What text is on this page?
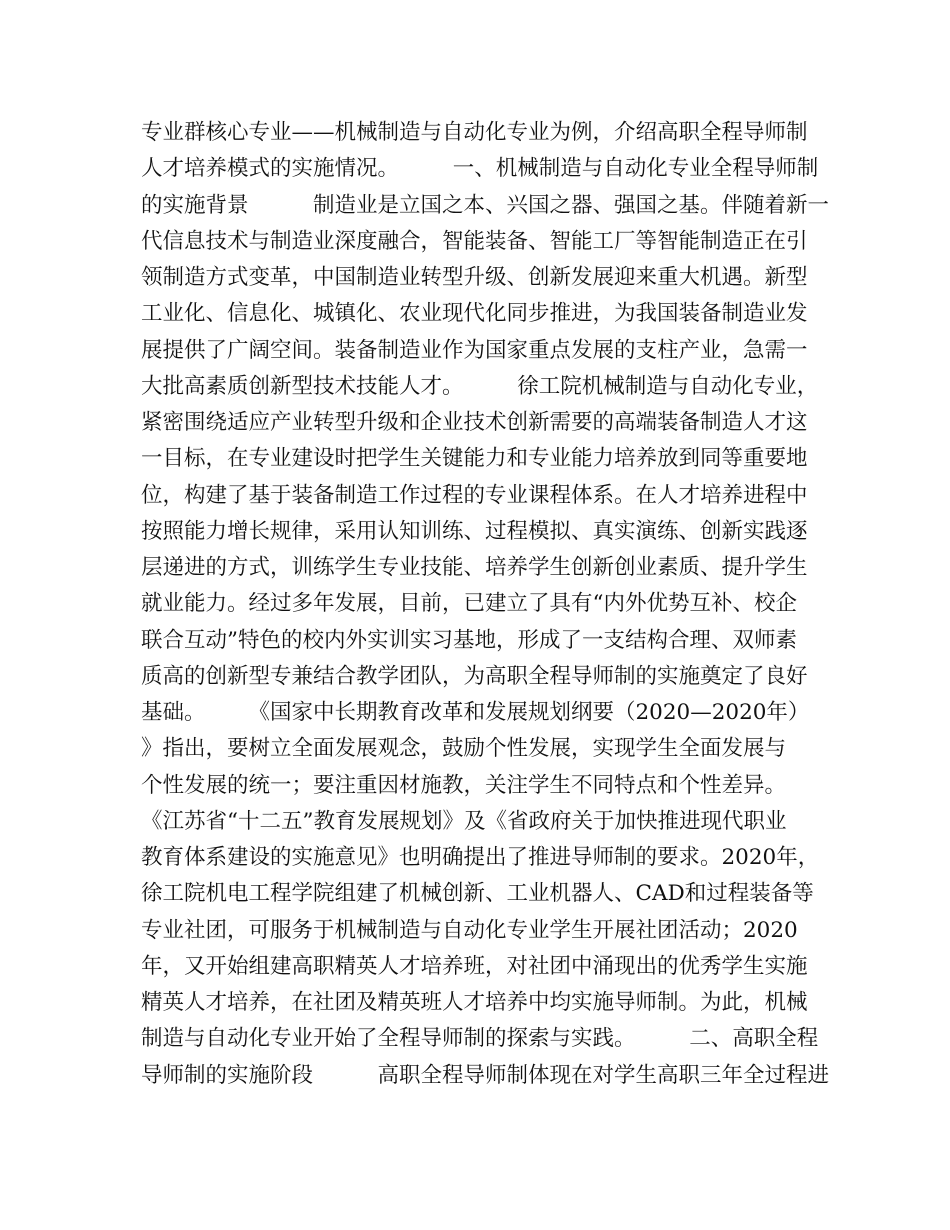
专业群核心专业——机械制造与自动化专业为例，介绍高职全程导师制
人才培养模式的实施情况。　　　一、机械制造与自动化专业全程导师制
的实施背景　　　制造业是立国之本、兴国之器、强国之基。伴随着新一
代信息技术与制造业深度融合，智能装备、智能工厂等智能制造正在引
领制造方式变革，中国制造业转型升级、创新发展迎来重大机遇。新型
工业化、信息化、城镇化、农业现代化同步推进，为我国装备制造业发
展提供了广阔空间。装备制造业作为国家重点发展的支柱产业，急需一
大批高素质创新型技术技能人才。　　　徐工院机械制造与自动化专业，
紧密围绕适应产业转型升级和企业技术创新需要的高端装备制造人才这
一目标，在专业建设时把学生关键能力和专业能力培养放到同等重要地
位，构建了基于装备制造工作过程的专业课程体系。在人才培养进程中
按照能力增长规律，采用认知训练、过程模拟、真实演练、创新实践逐
层递进的方式，训练学生专业技能、培养学生创新创业素质、提升学生
就业能力。经过多年发展，目前，已建立了具有“内外优势互补、校企
联合互动”特色的校内外实训实习基地，形成了一支结构合理、双师素
质高的创新型专兼结合教学团队，为高职全程导师制的实施奠定了良好
基础。　　　《国家中长期教育改革和发展规划纲要（2020—2020年）
》指出，要树立全面发展观念，鼓励个性发展，实现学生全面发展与
个性发展的统一；要注重因材施教，关注学生不同特点和个性差异。
《江苏省“十二五”教育发展规划》及《省政府关于加快推进现代职业
教育体系建设的实施意见》也明确提出了推进导师制的要求。2020年，
徐工院机电工程学院组建了机械创新、工业机器人、CAD和过程装备等
专业社团，可服务于机械制造与自动化专业学生开展社团活动；2020
年，又开始组建高职精英人才培养班，对社团中涌现出的优秀学生实施
精英人才培养，在社团及精英班人才培养中均实施导师制。为此，机械
制造与自动化专业开始了全程导师制的探索与实践。　　　二、高职全程
导师制的实施阶段　　　高职全程导师制体现在对学生高职三年全过程进
